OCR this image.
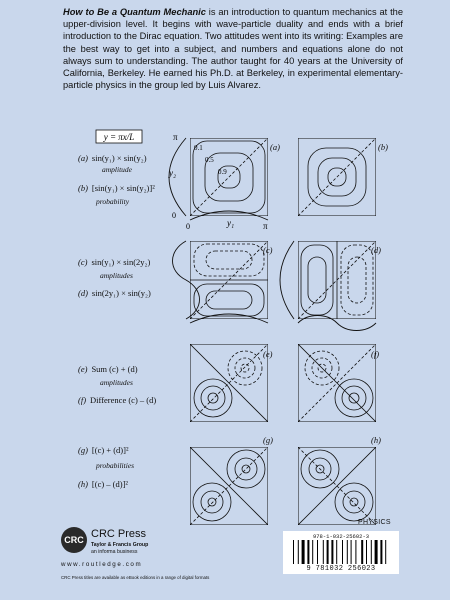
How to Be a Quantum Mechanic is an introduction to quantum mechanics at the upper-division level. It begins with wave-particle duality and ends with a brief introduction to the Dirac equation. Two attitudes went into its writing: Examples are the best way to get into a subject, and numbers and equations alone do not always sum to understanding. The author taught for 40 years at the University of California, Berkeley. He earned his Ph.D. at Berkeley, in experimental elementary-particle physics in the group led by Luis Alvarez.
y = πx/L	π
y₂
0
0	y₁	π
0.1
0.5
0.9
(a)	(b)
(c)	(d)
(e)	(f)
(g)	(h)
(a) sin(y₁) × sin(y₂)
amplitude
(b) [sin(y₁) × sin(y₂)]²
probability
(c) sin(y₁) × sin(2y₂)
amplitudes
(d) sin(2y₁) × sin(y₂)
(e) Sum (c) + (d)
amplitudes
(f) Difference (c) – (d)
(g) [(c) + (d)]²
probabilities
(h) [(c) – (d)]²
PHYSICS
978-1-032-25602-3
9 781032 256023
CRC CRC Press
Taylor & Francis Group
an informa business
www.routledge.com
CRC Press titles are available as eBook editions in a range of digital formats
